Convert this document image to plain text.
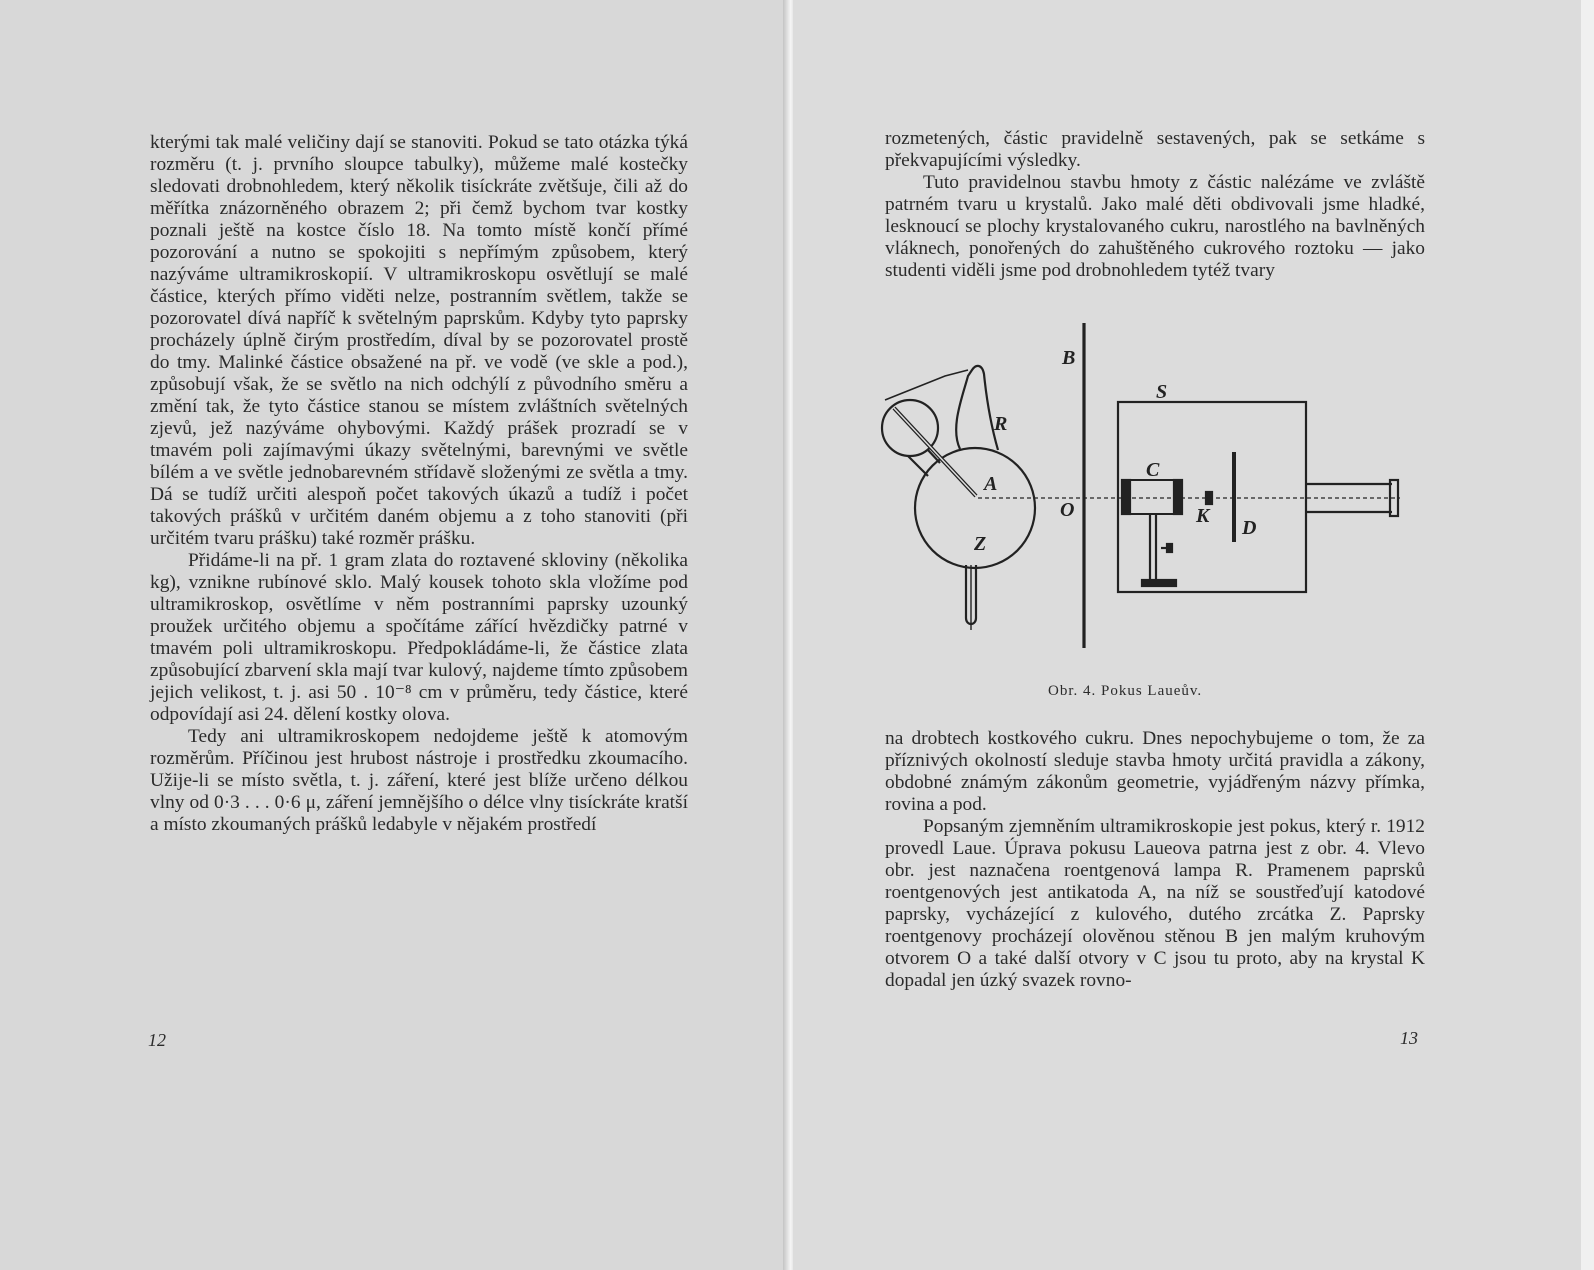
kterými tak malé veličiny dají se stanoviti. Pokud se tato otázka týká rozměru (t. j. prvního sloupce tabulky), můžeme malé kostečky sledovati drobnohledem, který několik tisíckráte zvětšuje, čili až do měřítka znázorněného obrazem 2; při čemž bychom tvar kostky poznali ještě na kostce číslo 18. Na tomto místě končí přímé pozorování a nutno se spokojiti s nepřímým způsobem, který nazýváme ultramikroskopií. V ultramikroskopu osvětlují se malé částice, kterých přímo viděti nelze, postranním světlem, takže se pozorovatel dívá napříč k světelným paprskům. Kdyby tyto paprsky procházely úplně čirým prostředím, díval by se pozorovatel prostě do tmy. Malinké částice obsažené na př. ve vodě (ve skle a pod.), způsobují však, že se světlo na nich odchýlí z původního směru a změní tak, že tyto částice stanou se místem zvláštních světelných zjevů, jež nazýváme ohybovými. Každý prášek prozradí se v tmavém poli zajímavými úkazy světelnými, barevnými ve světle bílém a ve světle jednobarevném střídavě složenými ze světla a tmy. Dá se tudíž určiti alespoň počet takových úkazů a tudíž i počet takových prášků v určitém daném objemu a z toho stanoviti (při určitém tvaru prášku) také rozměr prášku.

Přidáme-li na př. 1 gram zlata do roztavené skloviny (několika kg), vznikne rubínové sklo. Malý kousek tohoto skla vložíme pod ultramikroskop, osvětlíme v něm postranními paprsky uzounký proužek určitého objemu a spočítáme zářící hvězdičky patrné v tmavém poli ultramikroskopu. Předpokládáme-li, že částice zlata způsobující zbarvení skla mají tvar kulový, najdeme tímto způsobem jejich velikost, t. j. asi 50 . 10⁻⁸ cm v průměru, tedy částice, které odpovídají asi 24. dělení kostky olova.

Tedy ani ultramikroskopem nedojdeme ještě k atomovým rozměrům. Příčinou jest hrubost nástroje i prostředku zkoumacího. Užije-li se místo světla, t. j. záření, které jest blíže určeno délkou vlny od 0·3 . . . 0·6 μ, záření jemnějšího o délce vlny tisíckráte kratší a místo zkoumaných prášků ledabyle v nějakém prostředí

12

rozmetených, částic pravidelně sestavených, pak se setkáme s překvapujícími výsledky.

Tuto pravidelnou stavbu hmoty z částic nalézáme ve zvláště patrném tvaru u krystalů. Jako malé děti obdivovali jsme hladké, lesknoucí se plochy krystalovaného cukru, narostlého na bavlněných vláknech, ponořených do zahuštěného cukrového roztoku — jako studenti viděli jsme pod drobnohledem tytéž tvary

B
S
R
A
C
O	K
D
Z
Obr. 4. Pokus Laueův.

na drobtech kostkového cukru. Dnes nepochybujeme o tom, že za příznivých okolností sleduje stavba hmoty určitá pravidla a zákony, obdobné známým zákonům geometrie, vyjádřeným názvy přímka, rovina a pod.

Popsaným zjemněním ultramikroskopie jest pokus, který r. 1912 provedl Laue. Úprava pokusu Laueova patrna jest z obr. 4. Vlevo obr. jest naznačena roentgenová lampa R. Pramenem paprsků roentgenových jest antikatoda A, na níž se soustřeďují katodové paprsky, vycházející z kulového, dutého zrcátka Z. Paprsky roentgenovy procházejí olověnou stěnou B jen malým kruhovým otvorem O a také další otvory v C jsou tu proto, aby na krystal K dopadal jen úzký svazek rovno-

13
